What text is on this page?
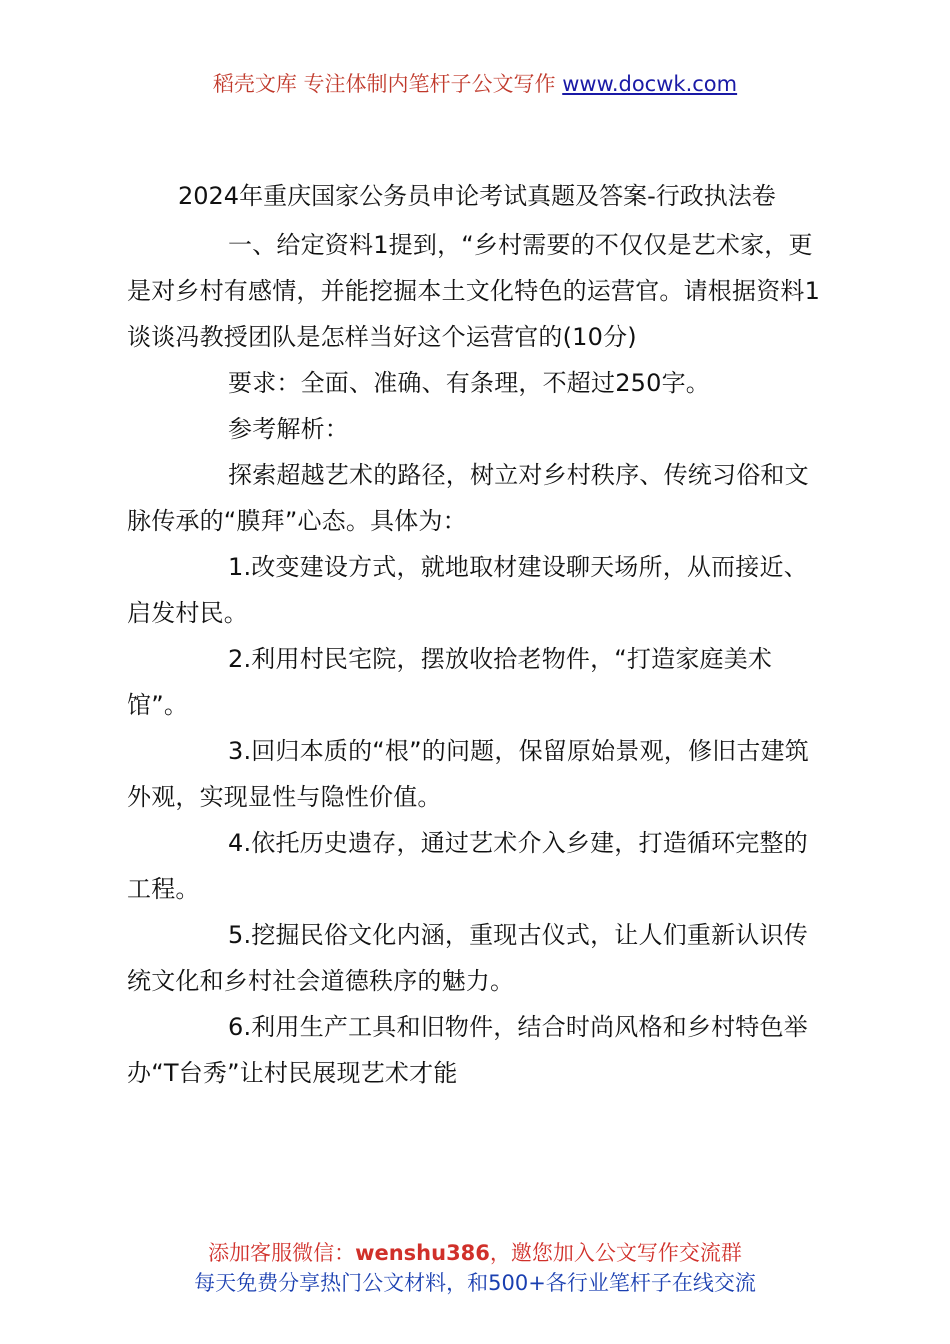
稻壳文库 专注体制内笔杆子公文写作 www.docwk.com
2024年重庆国家公务员申论考试真题及答案-行政执法卷

一、给定资料1提到，“乡村需要的不仅仅是艺术家，更是对乡村有感情，并能挖掘本土文化特色的运营官。请根据资料1谈谈冯教授团队是怎样当好这个运营官的(10分)

要求：全面、准确、有条理，不超过250字。

参考解析：

探索超越艺术的路径，树立对乡村秩序、传统习俗和文脉传承的“膜拜”心态。具体为：

1.改变建设方式，就地取材建设聊天场所，从而接近、启发村民。

2.利用村民宅院，摆放收拾老物件，“打造家庭美术馆”。

3.回归本质的“根”的问题，保留原始景观，修旧古建筑外观，实现显性与隐性价值。

4.依托历史遗存，通过艺术介入乡建，打造循环完整的工程。

5.挖掘民俗文化内涵，重现古仪式，让人们重新认识传统文化和乡村社会道德秩序的魅力。

6.利用生产工具和旧物件，结合时尚风格和乡村特色举办“T台秀”让村民展现艺术才能

添加客服微信：wenshu386，邀您加入公文写作交流群
每天免费分享热门公文材料，和500+各行业笔杆子在线交流
